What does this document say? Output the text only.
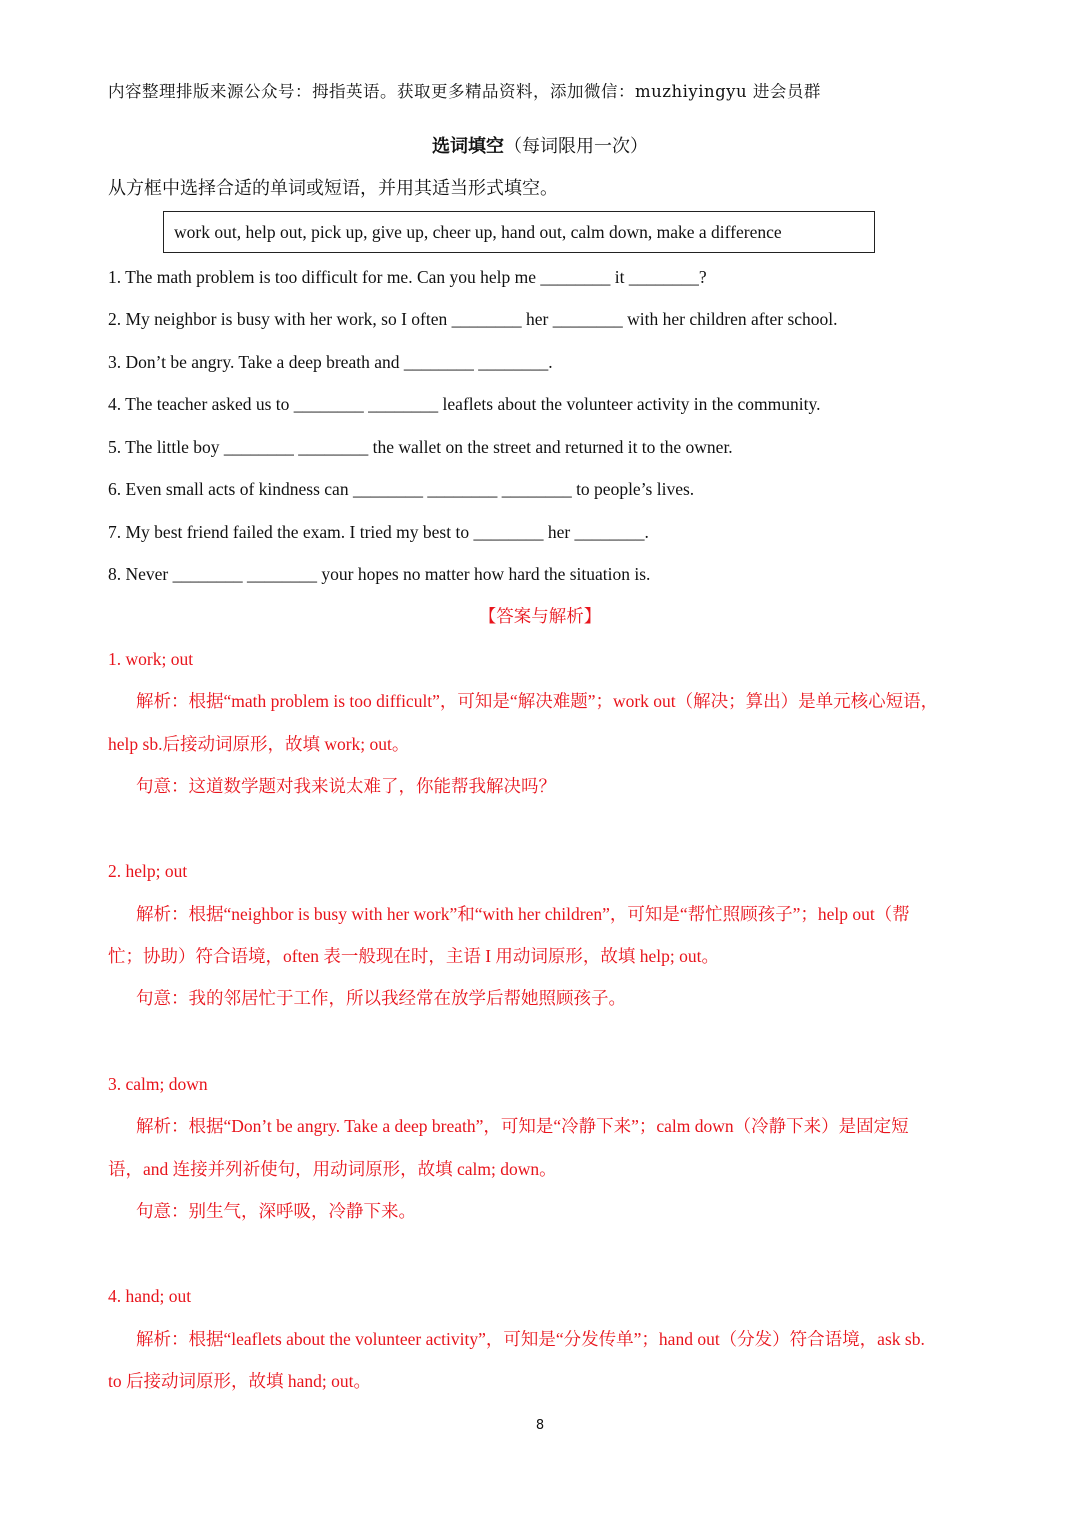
内容整理排版来源公众号：拇指英语。获取更多精品资料，添加微信：muzhiyingyu 进会员群
选词填空（每词限用一次）
从方框中选择合适的单词或短语，并用其适当形式填空。
work out, help out, pick up, give up, cheer up, hand out, calm down, make a difference
1. The math problem is too difficult for me. Can you help me ________ it ________?
2. My neighbor is busy with her work, so I often ________ her ________ with her children after school.
3. Don’t be angry. Take a deep breath and ________ ________.
4. The teacher asked us to ________ ________ leaflets about the volunteer activity in the community.
5. The little boy ________ ________ the wallet on the street and returned it to the owner.
6. Even small acts of kindness can ________ ________ ________ to people’s lives.
7. My best friend failed the exam. I tried my best to ________ her ________.
8. Never ________ ________ your hopes no matter how hard the situation is.
【答案与解析】
1. work; out
解析：根据“math problem is too difficult”，可知是“解决难题”；work out（解决；算出）是单元核心短语，
help sb.后接动词原形，故填 work; out。
句意：这道数学题对我来说太难了，你能帮我解决吗？
2. help; out
解析：根据“neighbor is busy with her work”和“with her children”，可知是“帮忙照顾孩子”；help out（帮
忙；协助）符合语境，often 表一般现在时，主语 I 用动词原形，故填 help; out。
句意：我的邻居忙于工作，所以我经常在放学后帮她照顾孩子。
3. calm; down
解析：根据“Don’t be angry. Take a deep breath”，可知是“冷静下来”；calm down（冷静下来）是固定短
语，and 连接并列祈使句，用动词原形，故填 calm; down。
句意：别生气，深呼吸，冷静下来。
4. hand; out
解析：根据“leaflets about the volunteer activity”，可知是“分发传单”；hand out（分发）符合语境，ask sb.
to 后接动词原形，故填 hand; out。
8
